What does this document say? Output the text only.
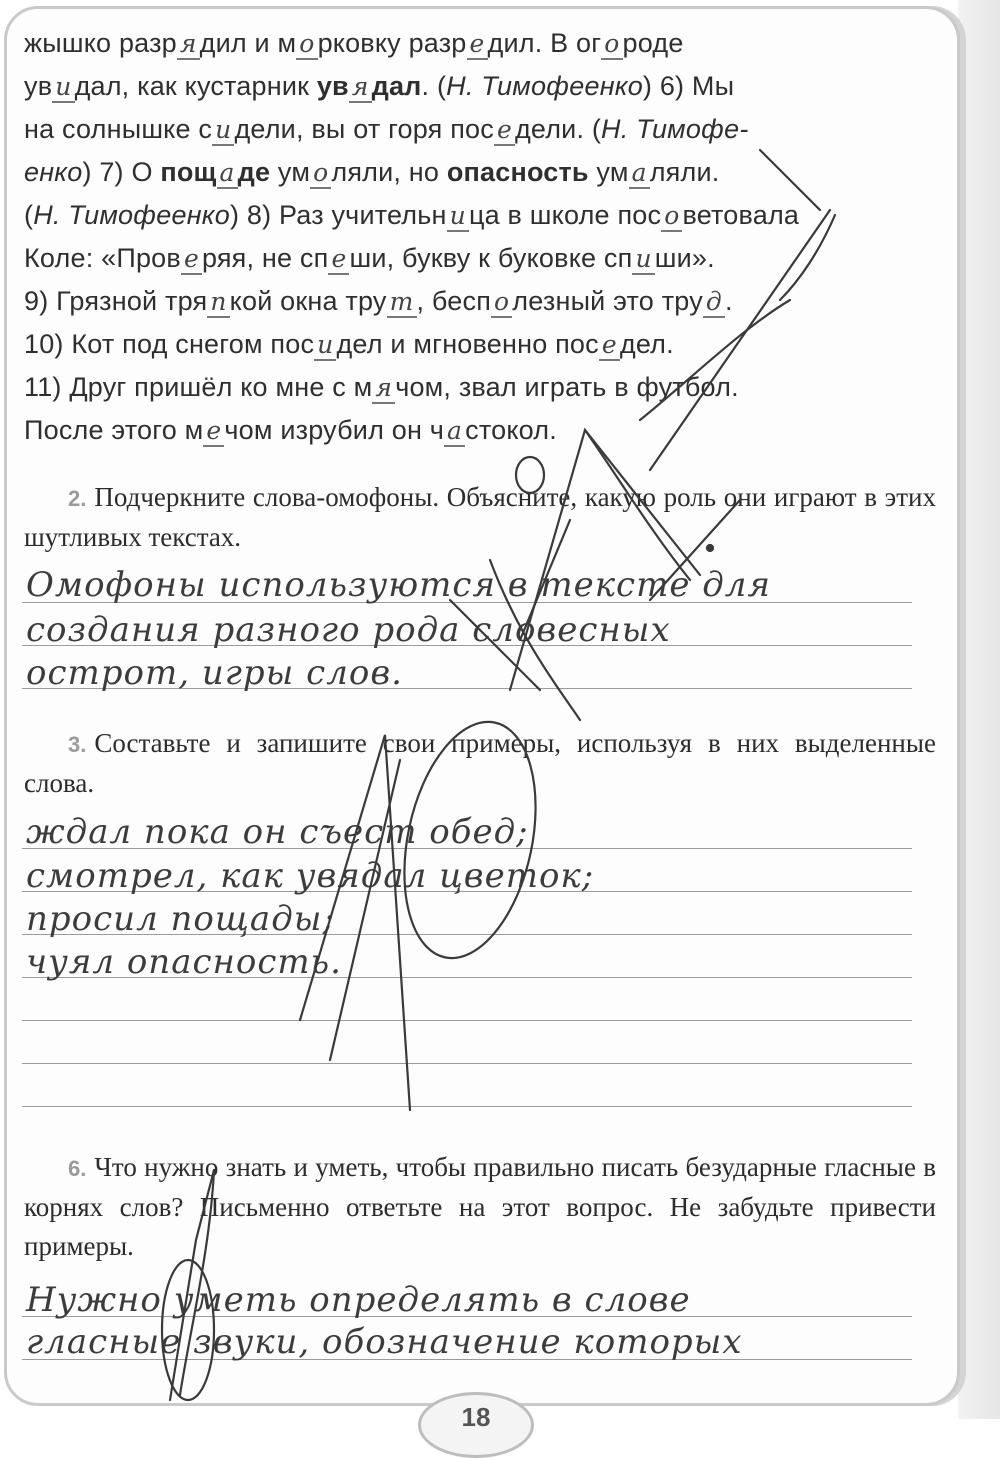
жышко разр я дил и м о рковку разр е дил. В ог о роде
ув и дал, как кустарник ув я дал. (Н. Тимофеенко) 6) Мы
на солнышке с и дели, вы от горя пос е дели. (Н. Тимофе-
енко) 7) О пощ а де ум о ляли, но опасность ум а ляли.
(Н. Тимофеенко) 8) Раз учительн и ца в школе пос о ветовала
Коле: «Пров е ряя, не сп е ши, букву к буковке сп и ши».
9) Грязной тря п кой окна тру т , бесп о лезный это тру д .
10) Кот под снегом пос и дел и мгновенно пос е дел.
11) Друг пришёл ко мне с м я чом, звал играть в футбол.
После этого м е чом изрубил он ч а стокол.
2. Подчеркните слова-омофоны. Объясните, какую роль они играют в этих шутливых текстах.
Омофоны используются в тексте для
создания разного рода словесных
острот, игры слов.
3. Составьте и запишите свои примеры, используя в них выделенные слова.
ждал пока он съест обед;
смотрел, как увядал цветок;
просил пощады;
чуял опасность.
6. Что нужно знать и уметь, чтобы правильно писать безударные гласные в корнях слов? Письменно ответьте на этот вопрос. Не забудьте привести примеры.
Нужно уметь определять в слове
гласные звуки, обозначение которых
18
